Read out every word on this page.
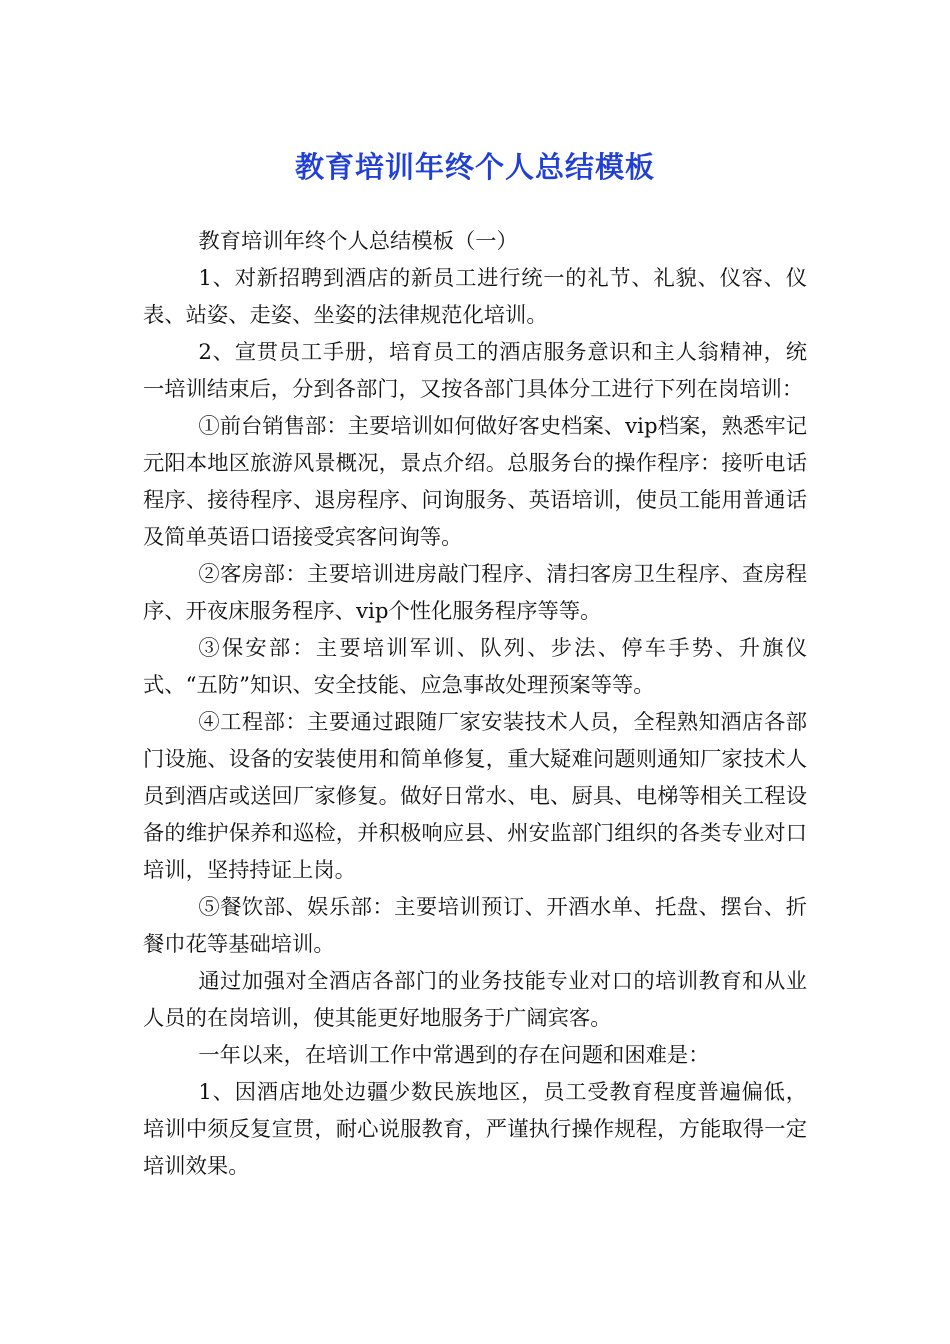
教育培训年终个人总结模板

教育培训年终个人总结模板（一）

1、对新招聘到酒店的新员工进行统一的礼节、礼貌、仪容、仪表、站姿、走姿、坐姿的法律规范化培训。

2、宣贯员工手册，培育员工的酒店服务意识和主人翁精神，统一培训结束后，分到各部门，又按各部门具体分工进行下列在岗培训：

①前台销售部：主要培训如何做好客史档案、vip档案，熟悉牢记元阳本地区旅游风景概况，景点介绍。总服务台的操作程序：接听电话程序、接待程序、退房程序、问询服务、英语培训，使员工能用普通话及简单英语口语接受宾客问询等。

②客房部：主要培训进房敲门程序、清扫客房卫生程序、查房程序、开夜床服务程序、vip个性化服务程序等等。

③保安部：主要培训军训、队列、步法、停车手势、升旗仪式、“五防”知识、安全技能、应急事故处理预案等等。

④工程部：主要通过跟随厂家安装技术人员，全程熟知酒店各部门设施、设备的安装使用和简单修复，重大疑难问题则通知厂家技术人员到酒店或送回厂家修复。做好日常水、电、厨具、电梯等相关工程设备的维护保养和巡检，并积极响应县、州安监部门组织的各类专业对口培训，坚持持证上岗。

⑤餐饮部、娱乐部：主要培训预订、开酒水单、托盘、摆台、折餐巾花等基础培训。

通过加强对全酒店各部门的业务技能专业对口的培训教育和从业人员的在岗培训，使其能更好地服务于广阔宾客。

一年以来，在培训工作中常遇到的存在问题和困难是：

1、因酒店地处边疆少数民族地区，员工受教育程度普遍偏低，培训中须反复宣贯，耐心说服教育，严谨执行操作规程，方能取得一定培训效果。
